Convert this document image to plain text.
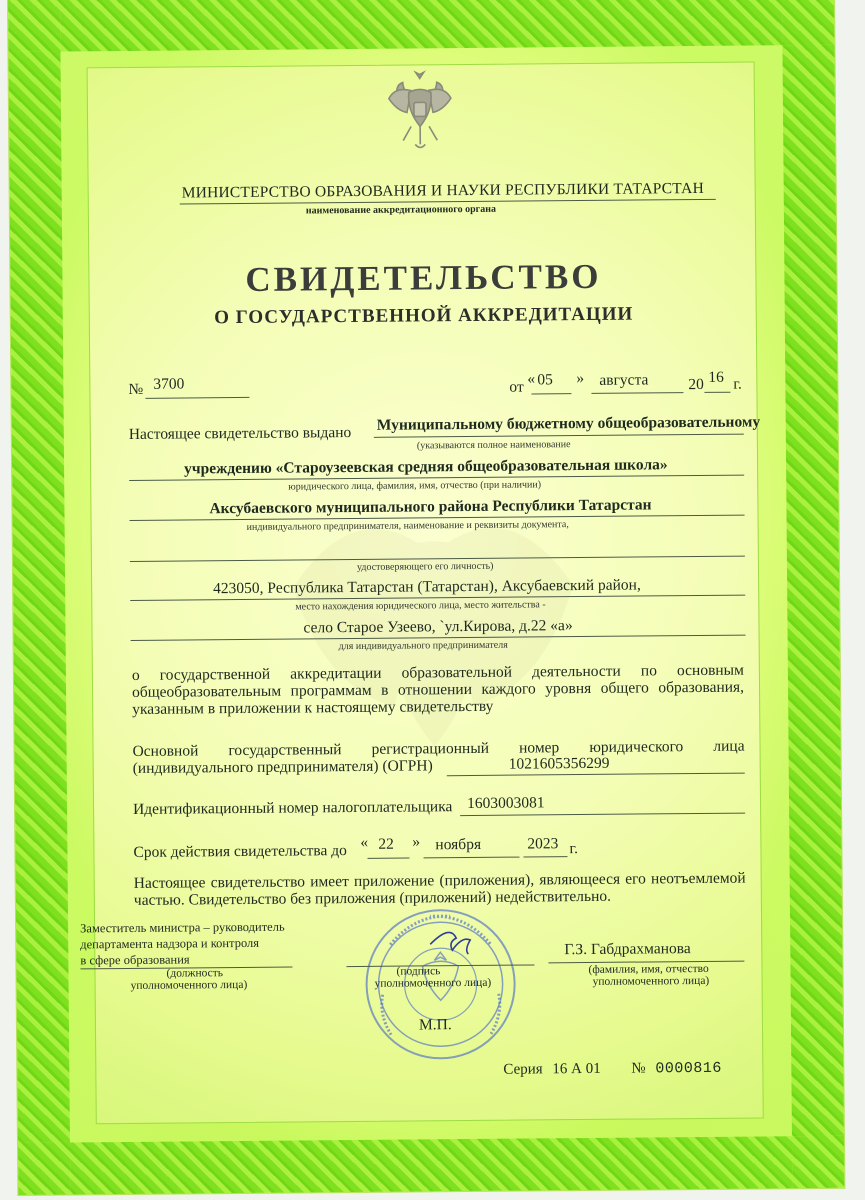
МИНИСТЕРСТВО ОБРАЗОВАНИЯ И НАУКИ РЕСПУБЛИКИ ТАТАРСТАН
наименование аккредитационного органа
СВИДЕТЕЛЬСТВО
О ГОСУДАРСТВЕННОЙ АККРЕДИТАЦИИ
№ 3700	от « 05 » августа	20 16 г.
Настоящее свидетельство выдано Муниципальному бюджетному общеобразовательному
(указываются полное наименование
учреждению «Староузеевская средняя общеобразовательная школа»
юридического лица, фамилия, имя, отчество (при наличии)
Аксубаевского муниципального района Республики Татарстан
индивидуального предпринимателя, наименование и реквизиты документа,
удостоверяющего его личность)
423050, Республика Татарстан (Татарстан), Аксубаевский район,
место нахождения юридического лица, место жительства -
село Старое Узеево, `ул.Кирова, д.22 «а»
для индивидуального предпринимателя
о государственной аккредитации образовательной деятельности по основным общеобразовательным программам в отношении каждого уровня общего образования, указанным в приложении к настоящему свидетельству
Основной государственный регистрационный номер юридического лица
(индивидуального предпринимателя) (ОГРН)	1021605356299
Идентификационный номер налогоплательщика 1603003081
Срок действия свидетельства до « 22 » ноября	2023 г.
Настоящее свидетельство имеет приложение (приложения), являющееся его неотъемлемой частью. Свидетельство без приложения (приложений) недействительно.
Заместитель министра – руководитель
департамента надзора и контроля
в сфере образования
(должность
уполномоченного лица)
(подпись
уполномоченного лица)
Г.З. Габдрахманова
(фамилия, имя, отчество
уполномоченного лица)
М.П.
Серия 16 А 01 № 0000816
